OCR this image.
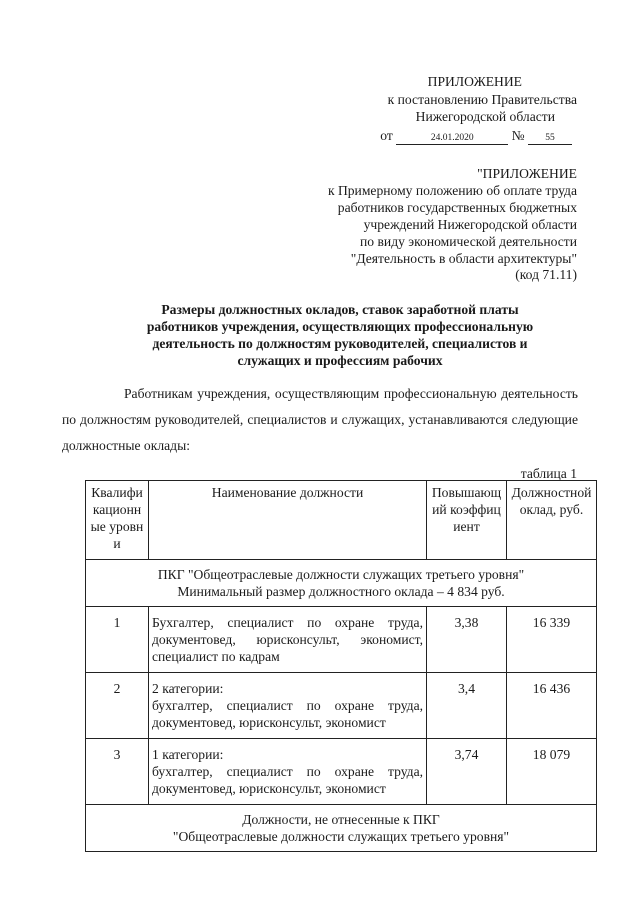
ПРИЛОЖЕНИЕ
к постановлению Правительства
Нижегородской области
от	24.01.2020	№ 55
"ПРИЛОЖЕНИЕ
к Примерному положению об оплате труда
работников государственных бюджетных
учреждений Нижегородской области
по виду экономической деятельности
"Деятельность в области архитектуры"
(код 71.11)
Размеры должностных окладов, ставок заработной платы
работников учреждения, осуществляющих профессиональную
деятельность по должностям руководителей, специалистов и
служащих и профессиям рабочих
Работникам учреждения, осуществляющим профессиональную деятельность по должностям руководителей, специалистов и служащих, устанавливаются следующие должностные оклады:
таблица 1
Квалификационные уровни	Наименование должности	Повышающий коэффициент	Должностной оклад, руб.

ПКГ "Общеотраслевые должности служащих третьего уровня"
Минимальный размер должностного оклада – 4 834 руб.			

1	Бухгалтер, специалист по охране труда, документовед, юрисконсульт, экономист, специалист по кадрам	3,38	16 339
2	2 категории:
бухгалтер, специалист по охране труда, документовед, юрисконсульт, экономист	3,4	16 436
3	1 категории:
бухгалтер, специалист по охране труда, документовед, юрисконсульт, экономист	3,74	18 079

Должности, не отнесенные к ПКГ
"Общеотраслевые должности служащих третьего уровня"			
